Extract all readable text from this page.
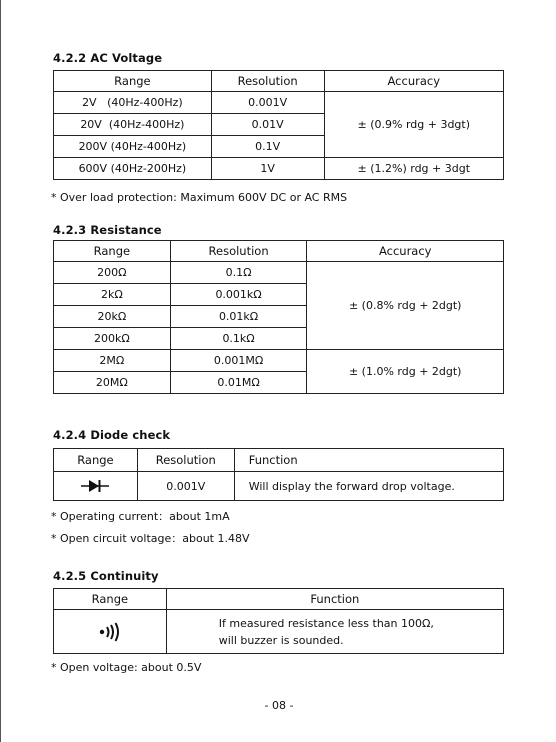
4.2.2 AC Voltage
Range	Resolution	Accuracy
2V   (40Hz-400Hz)	0.001V	± (0.9% rdg + 3dgt)
20V  (40Hz-400Hz)	0.01V	
200V (40Hz-400Hz)	0.1V	
600V (40Hz-200Hz)	1V	± (1.2%) rdg + 3dgt
* Over load protection: Maximum 600V DC or AC RMS
4.2.3 Resistance
Range	Resolution	Accuracy
200Ω	0.1Ω	± (0.8% rdg + 2dgt)
2kΩ	0.001kΩ	
20kΩ	0.01kΩ	
200kΩ	0.1kΩ	
2MΩ	0.001MΩ	± (1.0% rdg + 2dgt)
20MΩ	0.01MΩ	
4.2.4 Diode check
Range	Resolution	Function

	0.001V	Will display the forward drop voltage.
* Operating current：about 1mA
* Open circuit voltage：about 1.48V
4.2.5 Continuity
Range	Function

	If measured resistance less than 100Ω,
will buzzer is sounded.
* Open voltage: about 0.5V
- 08 -
